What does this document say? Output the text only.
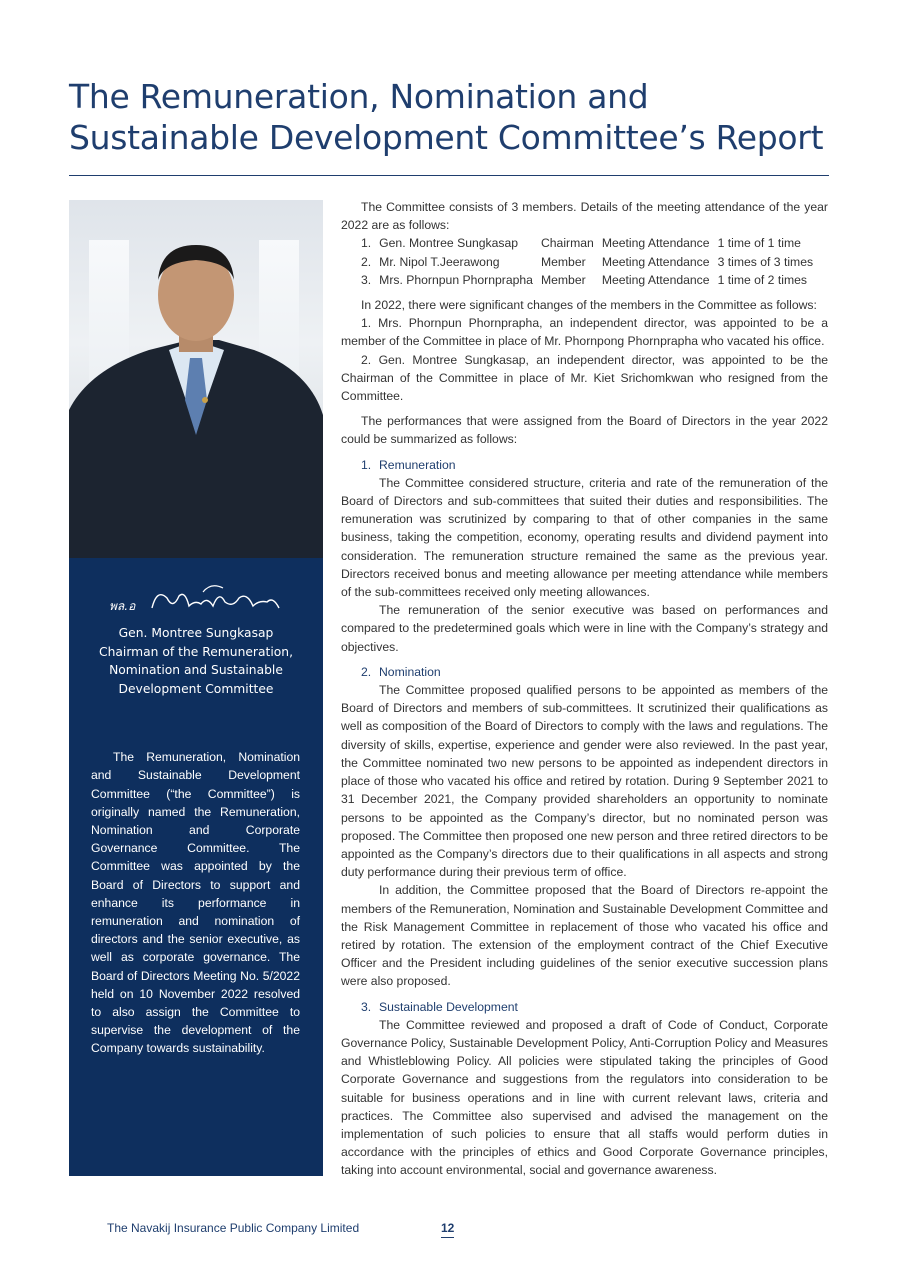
The Remuneration, Nomination and
Sustainable Development Committee’s Report
พล.อ
Gen. Montree Sungkasap
Chairman of the Remuneration,
Nomination and Sustainable
Development Committee

The Remuneration, Nomination and Sustainable Development Committee (“the Committee”) is originally named the Remuneration, Nomination and Corporate Governance Committee. The Committee was appointed by the Board of Directors to support and enhance its performance in remuneration and nomination of directors and the senior executive, as well as corporate governance. The Board of Directors Meeting No. 5/2022 held on 10 November 2022 resolved to also assign the Committee to supervise the development of the Company towards sustainability.

The Committee consists of 3 members. Details of the meeting attendance of the year 2022 are as follows:

1.	Gen. Montree Sungkasap	Chairman	Meeting Attendance	1 time of 1 time
2.	Mr. Nipol T.Jeerawong	Member	Meeting Attendance	3 times of 3 times
3.	Mrs. Phornpun Phornprapha	Member	Meeting Attendance	1 time of 2 times

In 2022, there were significant changes of the members in the Committee as follows:

1. Mrs. Phornpun Phornprapha, an independent director, was appointed to be a member of the Committee in place of Mr. Phornpong Phornprapha who vacated his office.

2. Gen. Montree Sungkasap, an independent director, was appointed to be the Chairman of the Committee in place of Mr. Kiet Srichomkwan who resigned from the Committee.

The performances that were assigned from the Board of Directors in the year 2022 could be summarized as follows:

1. Remuneration

The Committee considered structure, criteria and rate of the remuneration of the Board of Directors and sub-committees that suited their duties and responsibilities. The remuneration was scrutinized by comparing to that of other companies in the same business, taking the competition, economy, operating results and dividend payment into consideration. The remuneration structure remained the same as the previous year. Directors received bonus and meeting allowance per meeting attendance while members of the sub-committees received only meeting allowances.

The remuneration of the senior executive was based on performances and compared to the predetermined goals which were in line with the Company’s strategy and objectives.

2. Nomination

The Committee proposed qualified persons to be appointed as members of the Board of Directors and members of sub-committees. It scrutinized their qualifications as well as composition of the Board of Directors to comply with the laws and regulations. The diversity of skills, expertise, experience and gender were also reviewed. In the past year, the Committee nominated two new persons to be appointed as independent directors in place of those who vacated his office and retired by rotation. During 9 September 2021 to 31 December 2021, the Company provided shareholders an opportunity to nominate persons to be appointed as the Company’s director, but no nominated person was proposed. The Committee then proposed one new person and three retired directors to be appointed as the Company’s directors due to their qualifications in all aspects and strong duty performance during their previous term of office.

In addition, the Committee proposed that the Board of Directors re-appoint the members of the Remuneration, Nomination and Sustainable Development Committee and the Risk Management Committee in replacement of those who vacated his office and retired by rotation. The extension of the employment contract of the Chief Executive Officer and the President including guidelines of the senior executive succession plans were also proposed.

3. Sustainable Development

The Committee reviewed and proposed a draft of Code of Conduct, Corporate Governance Policy, Sustainable Development Policy, Anti-Corruption Policy and Measures and Whistleblowing Policy. All policies were stipulated taking the principles of Good Corporate Governance and suggestions from the regulators into consideration to be suitable for business operations and in line with current relevant laws, criteria and practices. The Committee also supervised and advised the management on the implementation of such policies to ensure that all staffs would perform duties in accordance with the principles of ethics and Good Corporate Governance principles, taking into account environmental, social and governance awareness.

The Navakij Insurance Public Company Limited	12
